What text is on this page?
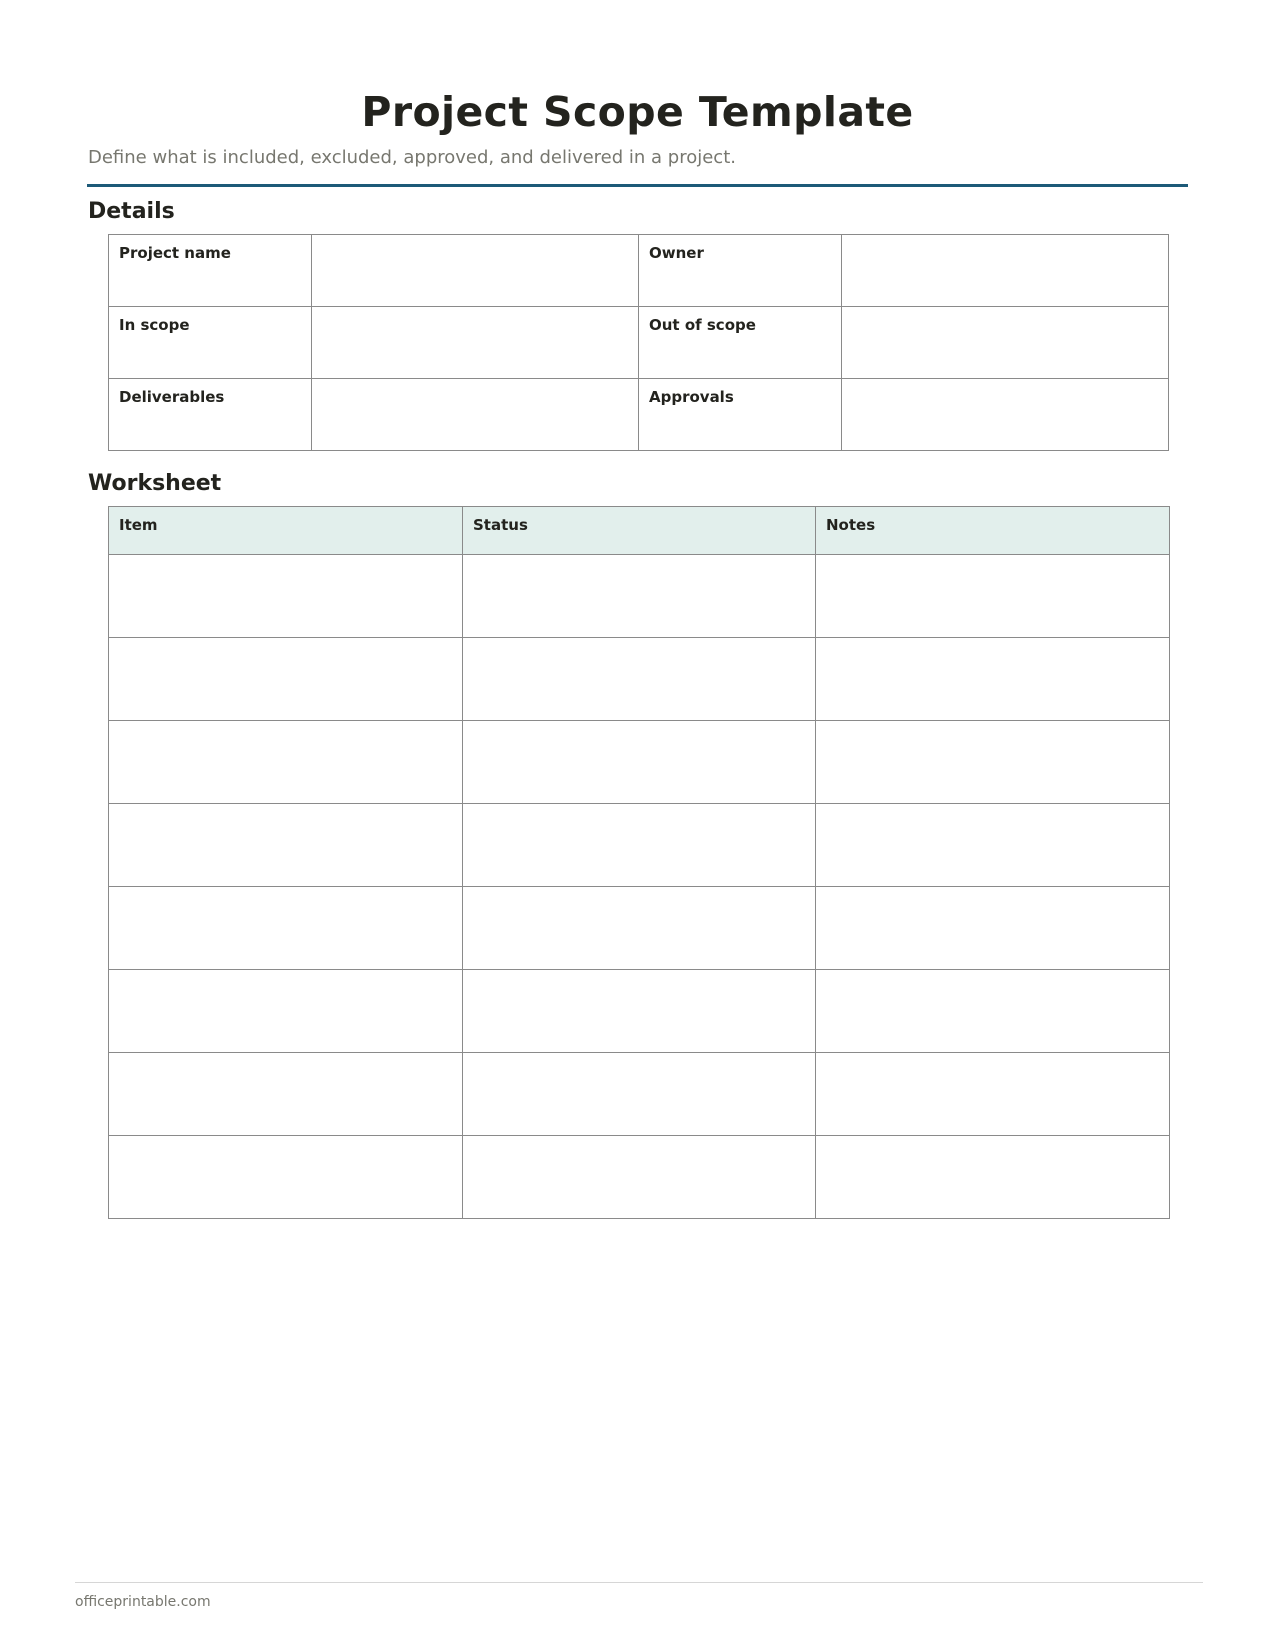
Project Scope Template

Define what is included, excluded, approved, and delivered in a project.

Details
Project name		Owner	

In scope		Out of scope	

Deliverables		Approvals	

Worksheet
Item	Status	Notes

officeprintable.com
